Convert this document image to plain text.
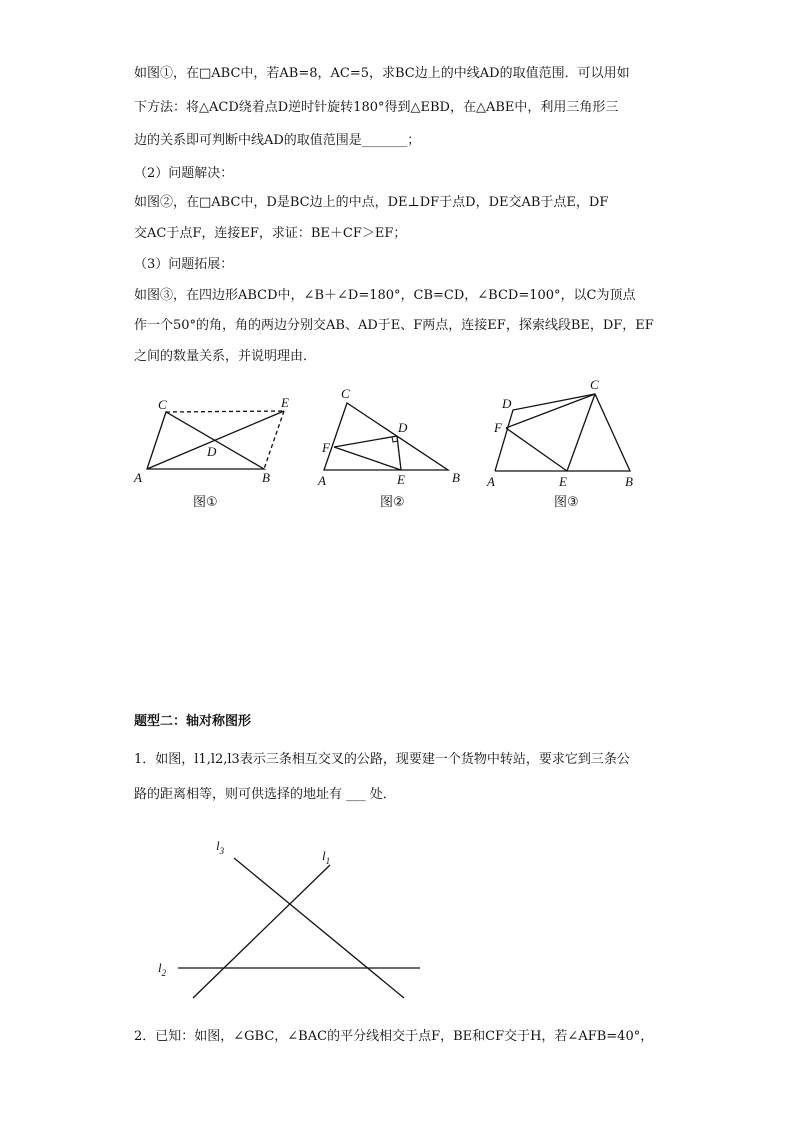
如图①，在□ABC中，若AB=8，AC=5，求BC边上的中线AD的取值范围．可以用如
下方法：将△ACD绕着点D逆时针旋转180°得到△EBD，在△ABE中，利用三角形三
边的关系即可判断中线AD的取值范围是_______；
（2）问题解决：
如图②，在□ABC中，D是BC边上的中点，DE⊥DF于点D，DE交AB于点E，DF
交AC于点F，连接EF，求证：BE＋CF＞EF；
（3）问题拓展：
如图③，在四边形ABCD中，∠B＋∠D=180°，CB=CD，∠BCD=100°，以C为顶点
作一个50°的角，角的两边分别交AB、AD于E、F两点，连接EF，探索线段BE，DF，EF
之间的数量关系，并说明理由．
A	B
C
D
E
图①
A	B
C
D
E
F
图②
A	B
C
D
E
F
图③
$l_3$	$l_1$
$l_2$
题型二：轴对称图形
1．如图，l1,l2,l3表示三条相互交叉的公路，现要建一个货物中转站，要求它到三条公
路的距离相等，则可供选择的地址有 ___ 处．
2．已知：如图，∠GBC，∠BAC的平分线相交于点F，BE和CF交于H，若∠AFB=40°，
